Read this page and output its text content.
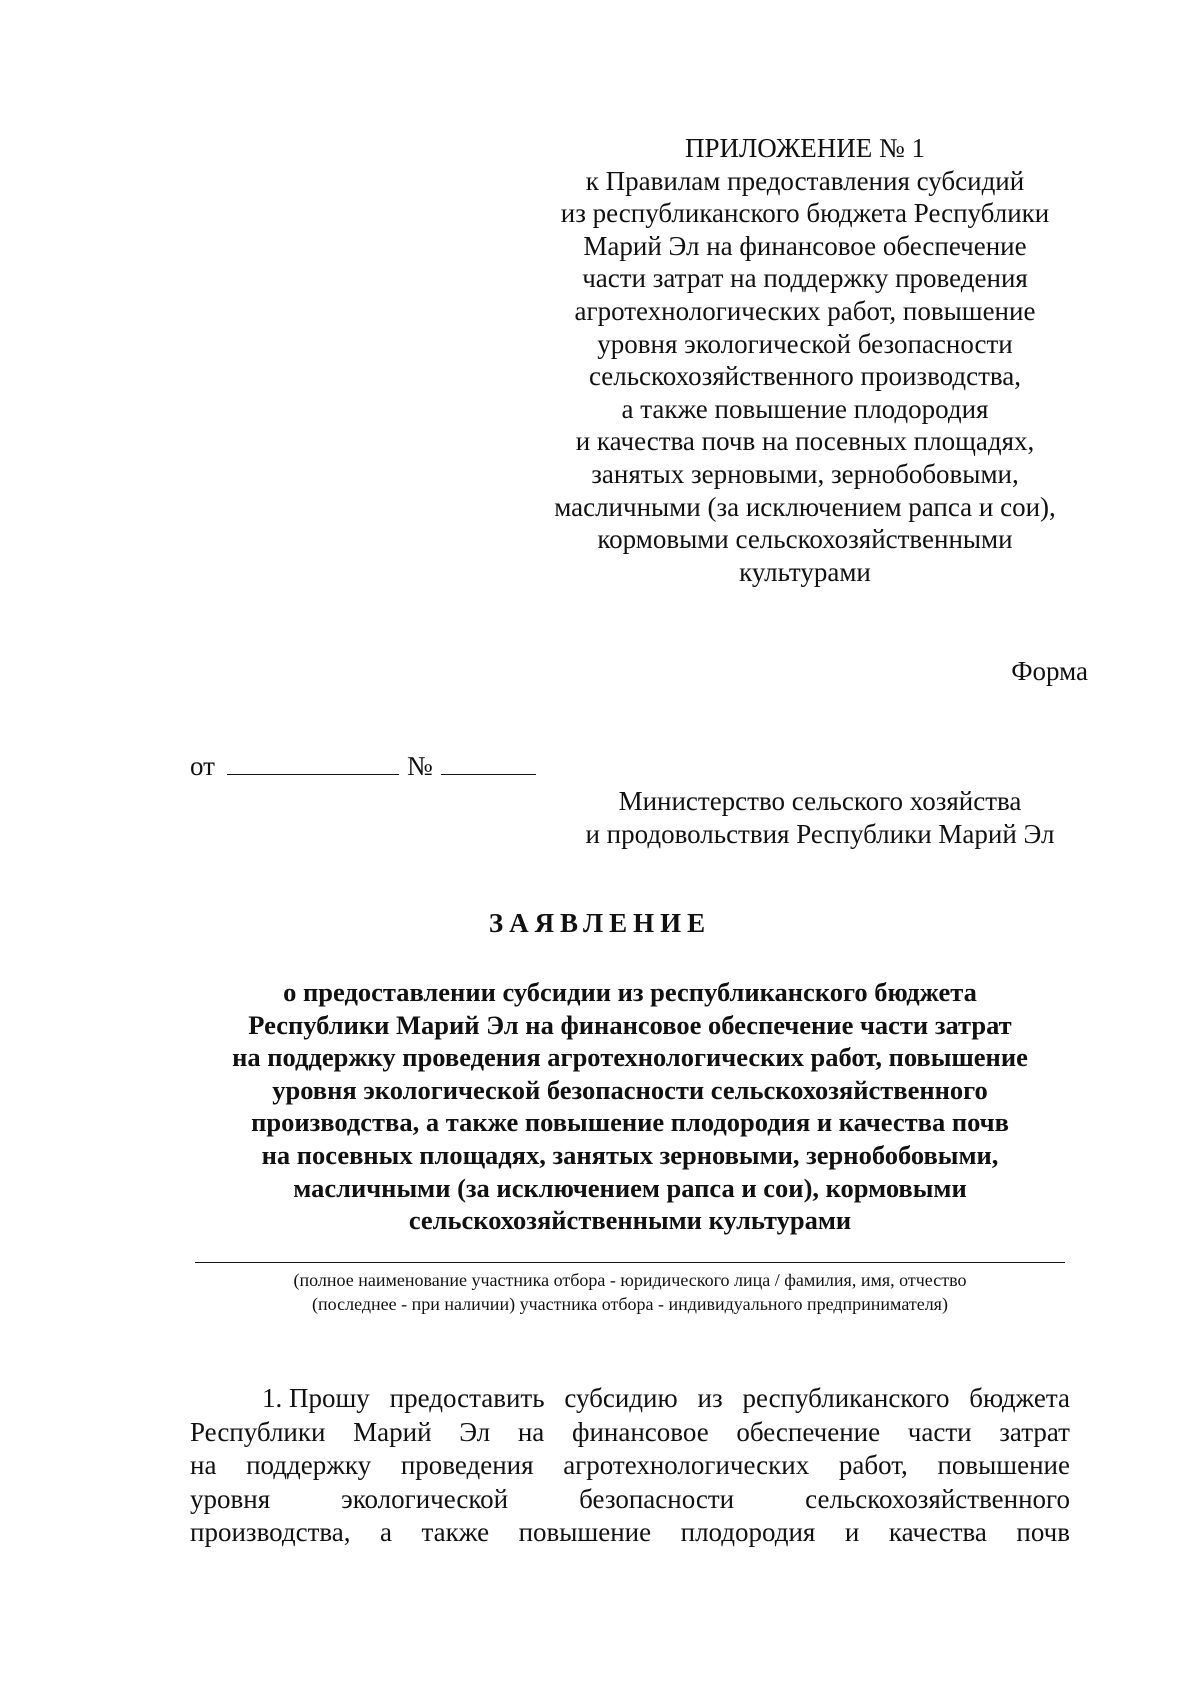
ПРИЛОЖЕНИЕ № 1
к Правилам предоставления субсидий
из республиканского бюджета Республики
Марий Эл на финансовое обеспечение
части затрат на поддержку проведения
агротехнологических работ, повышение
уровня экологической безопасности
сельскохозяйственного производства,
а также повышение плодородия
и качества почв на посевных площадях,
занятых зерновыми, зернобобовыми,
масличными (за исключением рапса и сои),
кормовыми сельскохозяйственными
культурами
Форма
от	№
Министерство сельского хозяйства
и продовольствия Республики Марий Эл
ЗАЯВЛЕНИЕ
о предоставлении субсидии из республиканского бюджета
Республики Марий Эл на финансовое обеспечение части затрат
на поддержку проведения агротехнологических работ, повышение
уровня экологической безопасности сельскохозяйственного
производства, а также повышение плодородия и качества почв
на посевных площадях, занятых зерновыми, зернобобовыми,
масличными (за исключением рапса и сои), кормовыми
сельскохозяйственными культурами
(полное наименование участника отбора - юридического лица / фамилия, имя, отчество
(последнее - при наличии) участника отбора - индивидуального предпринимателя)
1. Прошу предоставить субсидию из республиканского бюджета
Республики Марий Эл на финансовое обеспечение части затрат
на поддержку проведения агротехнологических работ, повышение
уровня	экологической	безопасности	сельскохозяйственного
производства, а также повышение плодородия и качества почв
